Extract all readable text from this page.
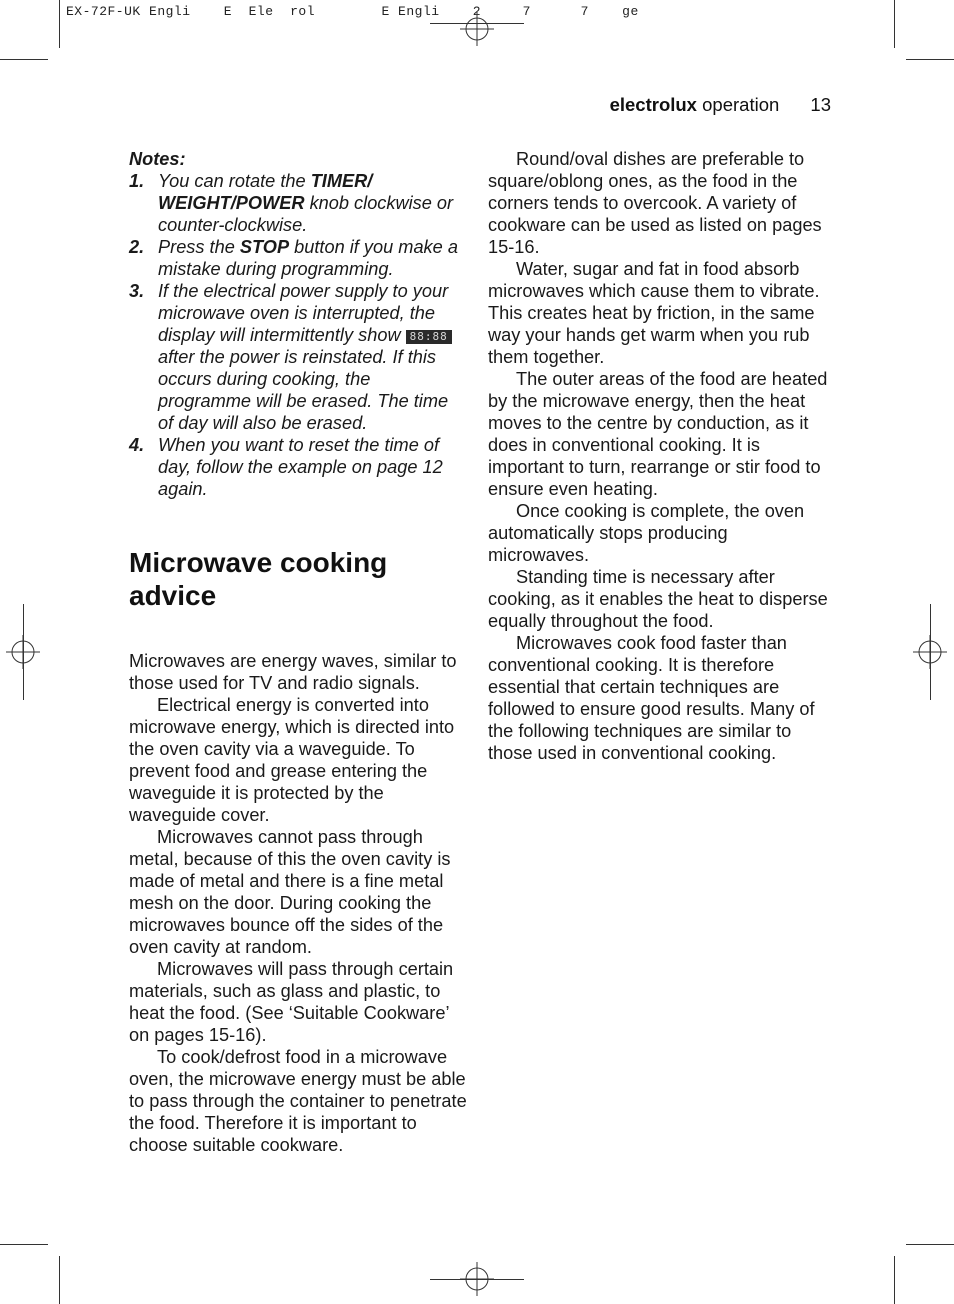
EX-72F-UK Engli    E  Ele  rol        E Engli    2     7      7    ge
electrolux operation 13
Notes:
1. You can rotate the TIMER/ WEIGHT/POWER knob clockwise or counter-clockwise.
2. Press the STOP button if you make a mistake during programming.
3. If the electrical power supply to your microwave oven is interrupted, the display will intermittently show 88:88 after the power is reinstated. If this occurs during cooking, the programme will be erased. The time of day will also be erased.
4. When you want to reset the time of day, follow the example on page 12 again.
Microwave cooking advice

Microwaves are energy waves, similar to those used for TV and radio signals.

Electrical energy is converted into microwave energy, which is directed into the oven cavity via a waveguide. To prevent food and grease entering the waveguide it is protected by the waveguide cover.

Microwaves cannot pass through metal, because of this the oven cavity is made of metal and there is a fine metal mesh on the door. During cooking the microwaves bounce off the sides of the oven cavity at random.

Microwaves will pass through certain materials, such as glass and plastic, to heat the food. (See ‘Suitable Cookware’ on pages 15-16).

To cook/defrost food in a microwave oven, the microwave energy must be able to pass through the container to penetrate the food. Therefore it is important to choose suitable cookware.

Round/oval dishes are preferable to square/oblong ones, as the food in the corners tends to overcook. A variety of cookware can be used as listed on pages 15-16.

Water, sugar and fat in food absorb microwaves which cause them to vibrate. This creates heat by friction, in the same way your hands get warm when you rub them together.

The outer areas of the food are heated by the microwave energy, then the heat moves to the centre by conduction, as it does in conventional cooking. It is important to turn, rearrange or stir food to ensure even heating.

Once cooking is complete, the oven automatically stops producing microwaves.

Standing time is necessary after cooking, as it enables the heat to disperse equally throughout the food.

Microwaves cook food faster than conventional cooking. It is therefore essential that certain techniques are followed to ensure good results. Many of the following techniques are similar to those used in conventional cooking.
